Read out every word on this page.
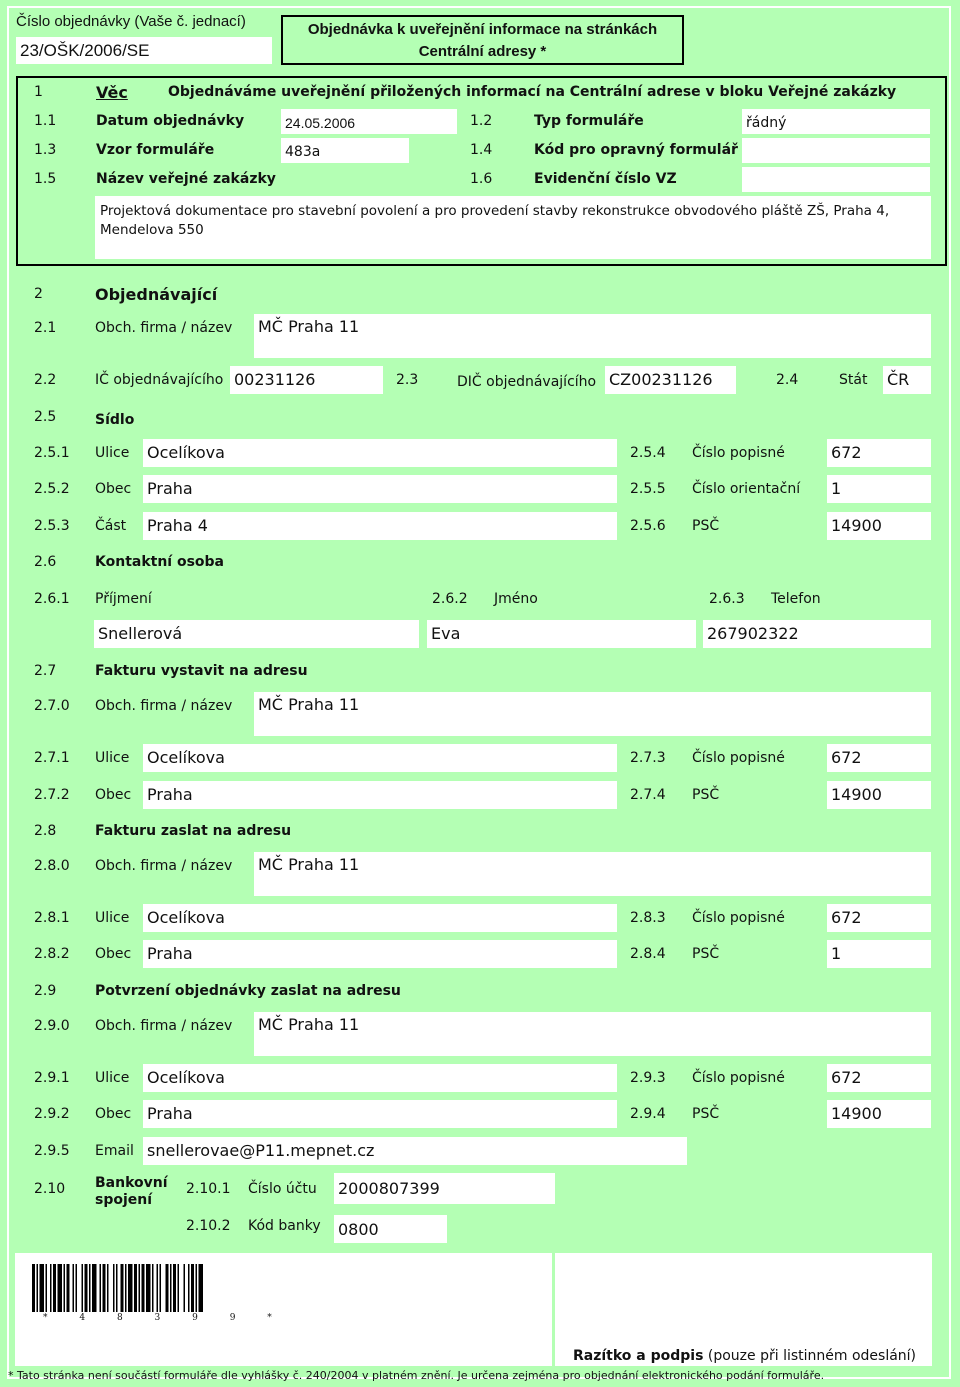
Číslo objednávky (Vaše č. jednací)
23/OŠK/2006/SE
Objednávka k uveřejnění informace na stránkách
Centrální adresy *
1	Věc	Objednáváme uveřejnění přiložených informací na Centrální adrese v bloku Veřejné zakázky
1.1	Datum objednávky	24.05.2006	1.2	Typ formuláře	řádný
1.3	Vzor formuláře	483a	1.4	Kód pro opravný formulář
1.5	Název veřejné zakázky	1.6	Evidenční číslo VZ
Projektová dokumentace pro stavební povolení a pro provedení stavby rekonstrukce obvodového pláště ZŠ, Praha 4,
Mendelova 550
2	Objednávající
2.1	Obch. firma / název MČ Praha 11
2.2	IČ objednávajícího 00231126	2.3	DIČ objednávajícího CZ00231126	2.4	Stát ČR
2.5	Sídlo
2.5.1 Ulice Ocelíkova	2.5.4 Číslo popisné	672
2.5.2 Obec Praha	2.5.5 Číslo orientační 1
2.5.3 Část Praha 4	2.5.6 PSČ	14900
2.6	Kontaktní osoba
2.6.1 Příjmení	2.6.2 Jméno	2.6.3 Telefon
Snellerová	Eva	267902322
2.7	Fakturu vystavit na adresu
2.7.0 Obch. firma / název MČ Praha 11
2.7.1 Ulice Ocelíkova	2.7.3 Číslo popisné	672
2.7.2 Obec Praha	2.7.4 PSČ	14900
2.8	Fakturu zaslat na adresu
2.8.0 Obch. firma / název MČ Praha 11
2.8.1 Ulice Ocelíkova	2.8.3 Číslo popisné	672
2.8.2 Obec Praha	2.8.4 PSČ	1
2.9	Potvrzení objednávky zaslat na adresu
2.9.0 Obch. firma / název MČ Praha 11
2.9.1 Ulice Ocelíkova	2.9.3 Číslo popisné	672
2.9.2 Obec Praha	2.9.4 PSČ	14900
2.9.5 Email snellerovae@P11.mepnet.cz
2.10 Bankovní
spojení
2.10.1 Číslo účtu 2000807399
2.10.2 Kód banky 0800
* 4 8 3 9 9 *
Razítko a podpis (pouze při listinném odeslání)
* Tato stránka není součástí formuláře dle vyhlášky č. 240/2004 v platném znění. Je určena zejména pro objednání elektronického podání formuláře.
